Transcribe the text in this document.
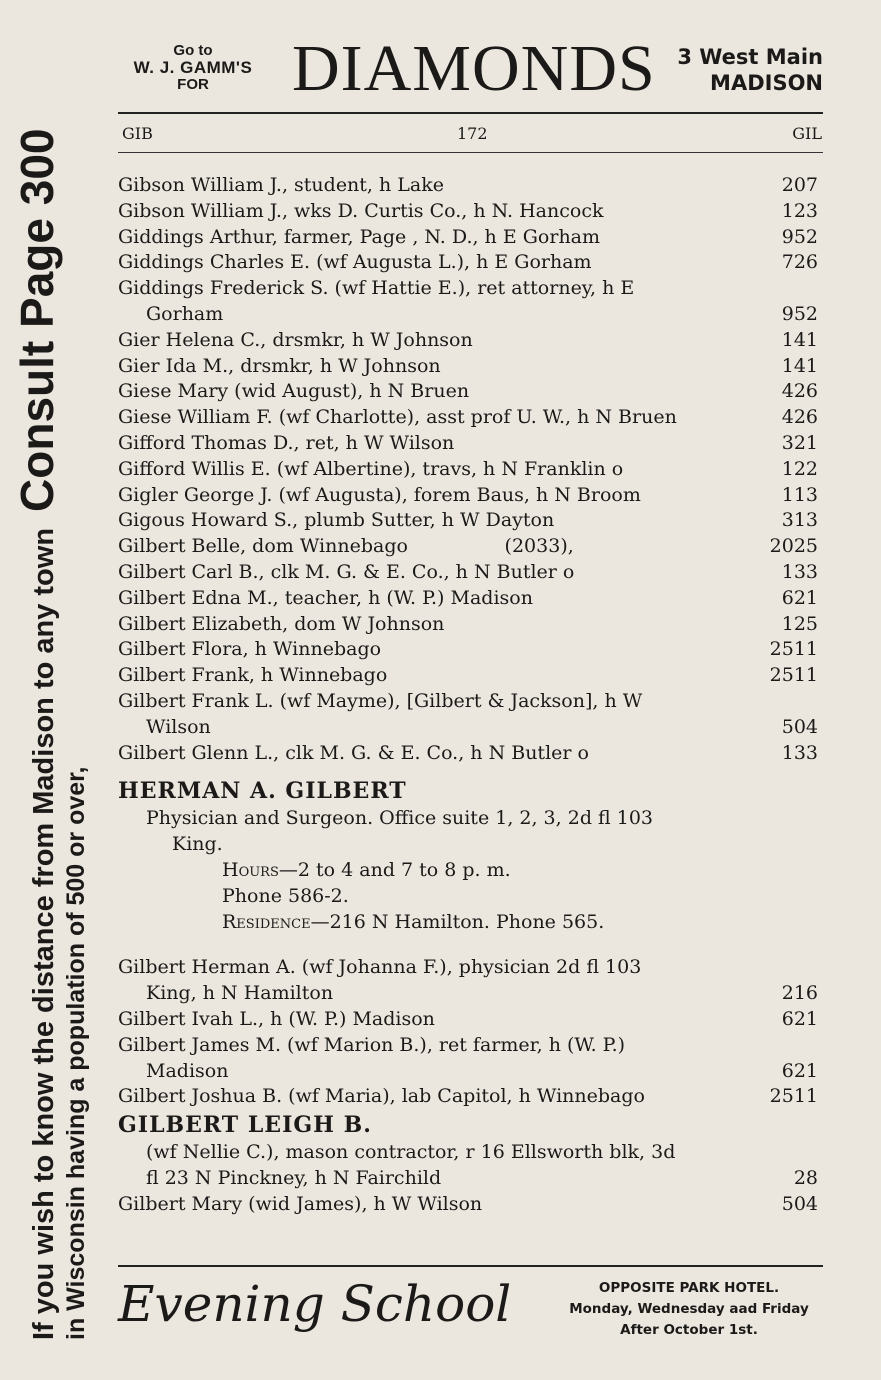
If you wish to know the distance from Madison to any townConsult Page 300
in Wisconsin having a population of 500 or over,
Go to
W. J. GAMM'S
FOR	DIAMONDS 3 West Main
MADISON
GIB	172	GIL
Gibson William J., student, h Lake	207
Gibson William J., wks D. Curtis Co., h N. Hancock	123
Giddings Arthur, farmer, Page , N. D., h E Gorham	952
Giddings Charles E. (wf Augusta L.), h E Gorham	726
Giddings Frederick S. (wf Hattie E.), ret attorney, h E
Gorham	952
Gier Helena C., drsmkr, h W Johnson	141
Gier Ida M., drsmkr, h W Johnson	141
Giese Mary (wid August), h N Bruen	426
Giese William F. (wf Charlotte), asst prof U. W., h N Bruen	426
Gifford Thomas D., ret, h W Wilson	321
Gifford Willis E. (wf Albertine), travs, h N Franklin o	122
Gigler George J. (wf Augusta), forem Baus, h N Broom	113
Gigous Howard S., plumb Sutter, h W Dayton	313
Gilbert Belle, dom Winnebago                (2033),	2025
Gilbert Carl B., clk M. G. & E. Co., h N Butler o	133
Gilbert Edna M., teacher, h (W. P.) Madison	621
Gilbert Elizabeth, dom W Johnson	125
Gilbert Flora, h Winnebago	2511
Gilbert Frank, h Winnebago	2511
Gilbert Frank L. (wf Mayme), [Gilbert & Jackson], h W
Wilson	504
Gilbert Glenn L., clk M. G. & E. Co., h N Butler o	133
HERMAN A. GILBERT
Physician and Surgeon. Office suite 1, 2, 3, 2d fl 103
King.
Hours—2 to 4 and 7 to 8 p. m.
Phone 586-2.
Residence—216 N Hamilton. Phone 565.
Gilbert Herman A. (wf Johanna F.), physician 2d fl 103
King, h N Hamilton	216
Gilbert Ivah L., h (W. P.) Madison	621
Gilbert James M. (wf Marion B.), ret farmer, h (W. P.)
Madison	621
Gilbert Joshua B. (wf Maria), lab Capitol, h Winnebago	2511
GILBERT LEIGH B.
(wf Nellie C.), mason contractor, r 16 Ellsworth blk, 3d
fl 23 N Pinckney, h N Fairchild	28
Gilbert Mary (wid James), h W Wilson	504
Evening School	OPPOSITE PARK HOTEL.
Monday, Wednesday aad Friday
After October 1st.
